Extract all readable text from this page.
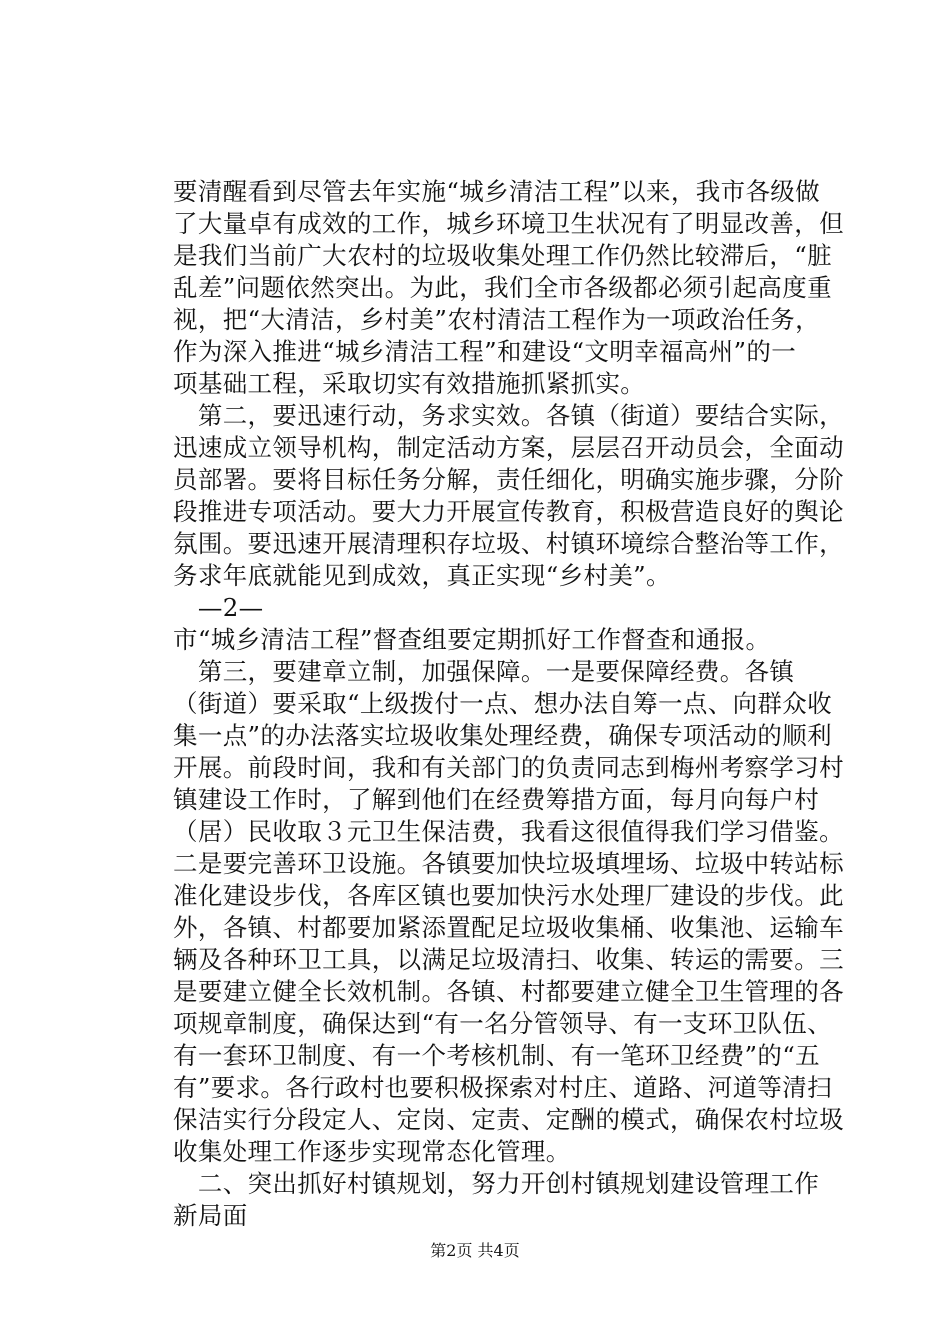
要清醒看到尽管去年实施“城乡清洁工程”以来，我市各级做
了大量卓有成效的工作，城乡环境卫生状况有了明显改善，但
是我们当前广大农村的垃圾收集处理工作仍然比较滞后，“脏
乱差”问题依然突出。为此，我们全市各级都必须引起高度重
视，把“大清洁，乡村美”农村清洁工程作为一项政治任务，
作为深入推进“城乡清洁工程”和建设“文明幸福高州”的一
项基础工程，采取切实有效措施抓紧抓实。
　第二，要迅速行动，务求实效。各镇（街道）要结合实际，
迅速成立领导机构，制定活动方案，层层召开动员会，全面动
员部署。要将目标任务分解，责任细化，明确实施步骤，分阶
段推进专项活动。要大力开展宣传教育，积极营造良好的舆论
氛围。要迅速开展清理积存垃圾、村镇环境综合整治等工作，
务求年底就能见到成效，真正实现“乡村美”。
　—2—
市“城乡清洁工程”督查组要定期抓好工作督查和通报。
　第三，要建章立制，加强保障。一是要保障经费。各镇
（街道）要采取“上级拨付一点、想办法自筹一点、向群众收
集一点”的办法落实垃圾收集处理经费，确保专项活动的顺利
开展。前段时间，我和有关部门的负责同志到梅州考察学习村
镇建设工作时，了解到他们在经费筹措方面，每月向每户村
（居）民收取３元卫生保洁费，我看这很值得我们学习借鉴。
二是要完善环卫设施。各镇要加快垃圾填埋场、垃圾中转站标
准化建设步伐，各库区镇也要加快污水处理厂建设的步伐。此
外，各镇、村都要加紧添置配足垃圾收集桶、收集池、运输车
辆及各种环卫工具，以满足垃圾清扫、收集、转运的需要。三
是要建立健全长效机制。各镇、村都要建立健全卫生管理的各
项规章制度，确保达到“有一名分管领导、有一支环卫队伍、
有一套环卫制度、有一个考核机制、有一笔环卫经费”的“五
有”要求。各行政村也要积极探索对村庄、道路、河道等清扫
保洁实行分段定人、定岗、定责、定酬的模式，确保农村垃圾
收集处理工作逐步实现常态化管理。
　二、突出抓好村镇规划，努力开创村镇规划建设管理工作
新局面
第2页 共4页
